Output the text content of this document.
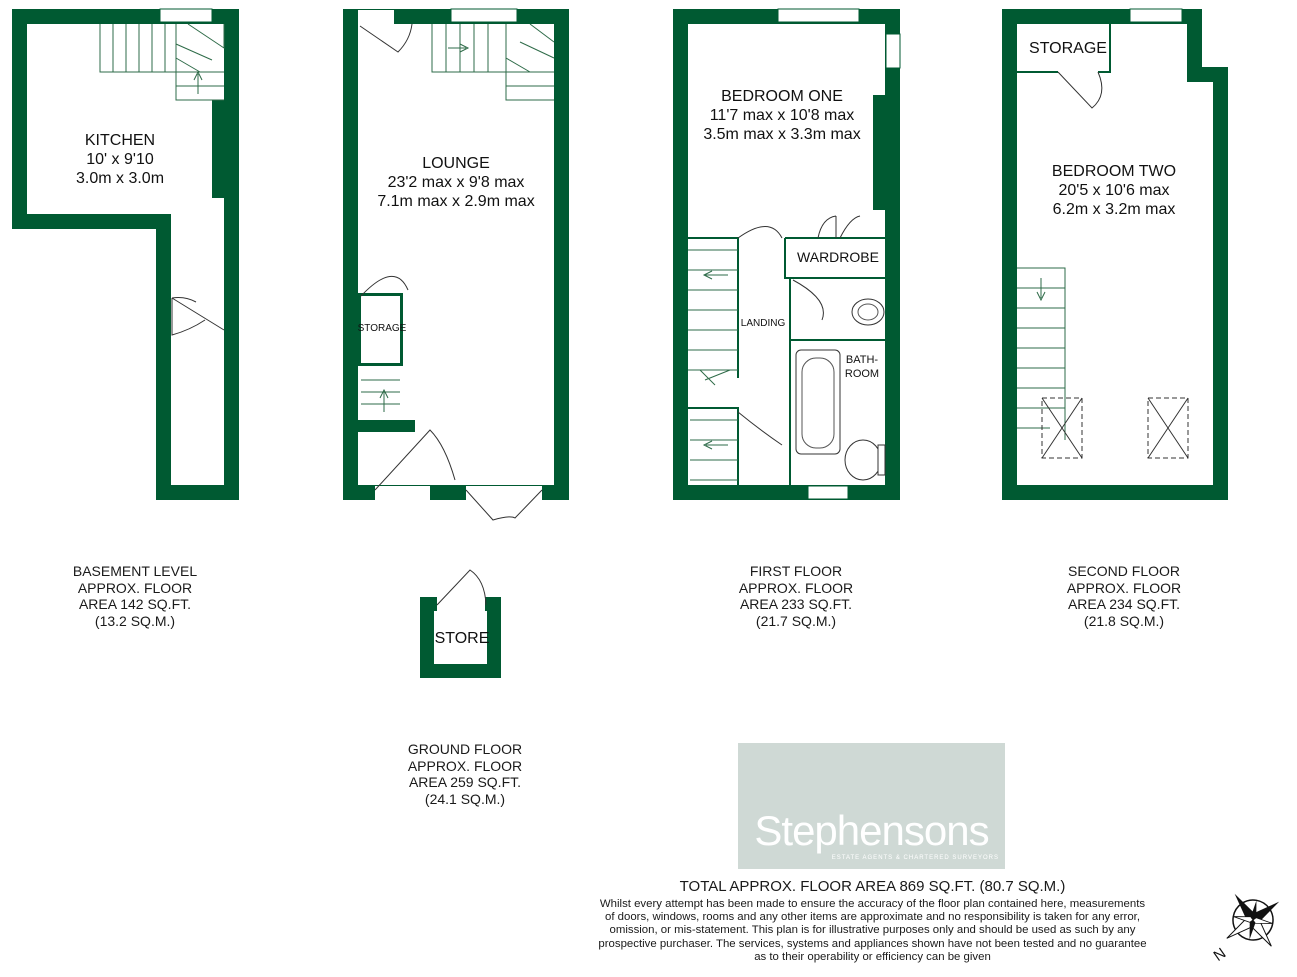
KITCHEN
10' x 9'10
3.0m x 3.0m
STORAGE
LOUNGE
23'2 max x 9'8 max
7.1m max x 2.9m max
STORE
BEDROOM ONE
11'7 max x 10'8 max
3.5m max x 3.3m max
WARDROBE
LANDING
BATH-
ROOM
STORAGE
BEDROOM TWO
20'5 x 10'6 max
6.2m x 3.2m max
BASEMENT LEVEL
APPROX. FLOOR
AREA 142 SQ.FT.
(13.2 SQ.M.)
GROUND FLOOR
APPROX. FLOOR
AREA 259 SQ.FT.
(24.1 SQ.M.)
FIRST FLOOR
APPROX. FLOOR
AREA 233 SQ.FT.
(21.7 SQ.M.)
SECOND FLOOR
APPROX. FLOOR
AREA 234 SQ.FT.
(21.8 SQ.M.)
Stephensons
ESTATE AGENTS & CHARTERED SURVEYORS
TOTAL APPROX. FLOOR AREA 869 SQ.FT. (80.7 SQ.M.)
Whilst every attempt has been made to ensure the accuracy of the floor plan contained here, measurements
of doors, windows, rooms and any other items are approximate and no responsibility is taken for any error,
omission, or mis-statement. This plan is for illustrative purposes only and should be used as such by any
prospective purchaser. The services, systems and appliances shown have not been tested and no guarantee
as to their operability or efficiency can be given	N
